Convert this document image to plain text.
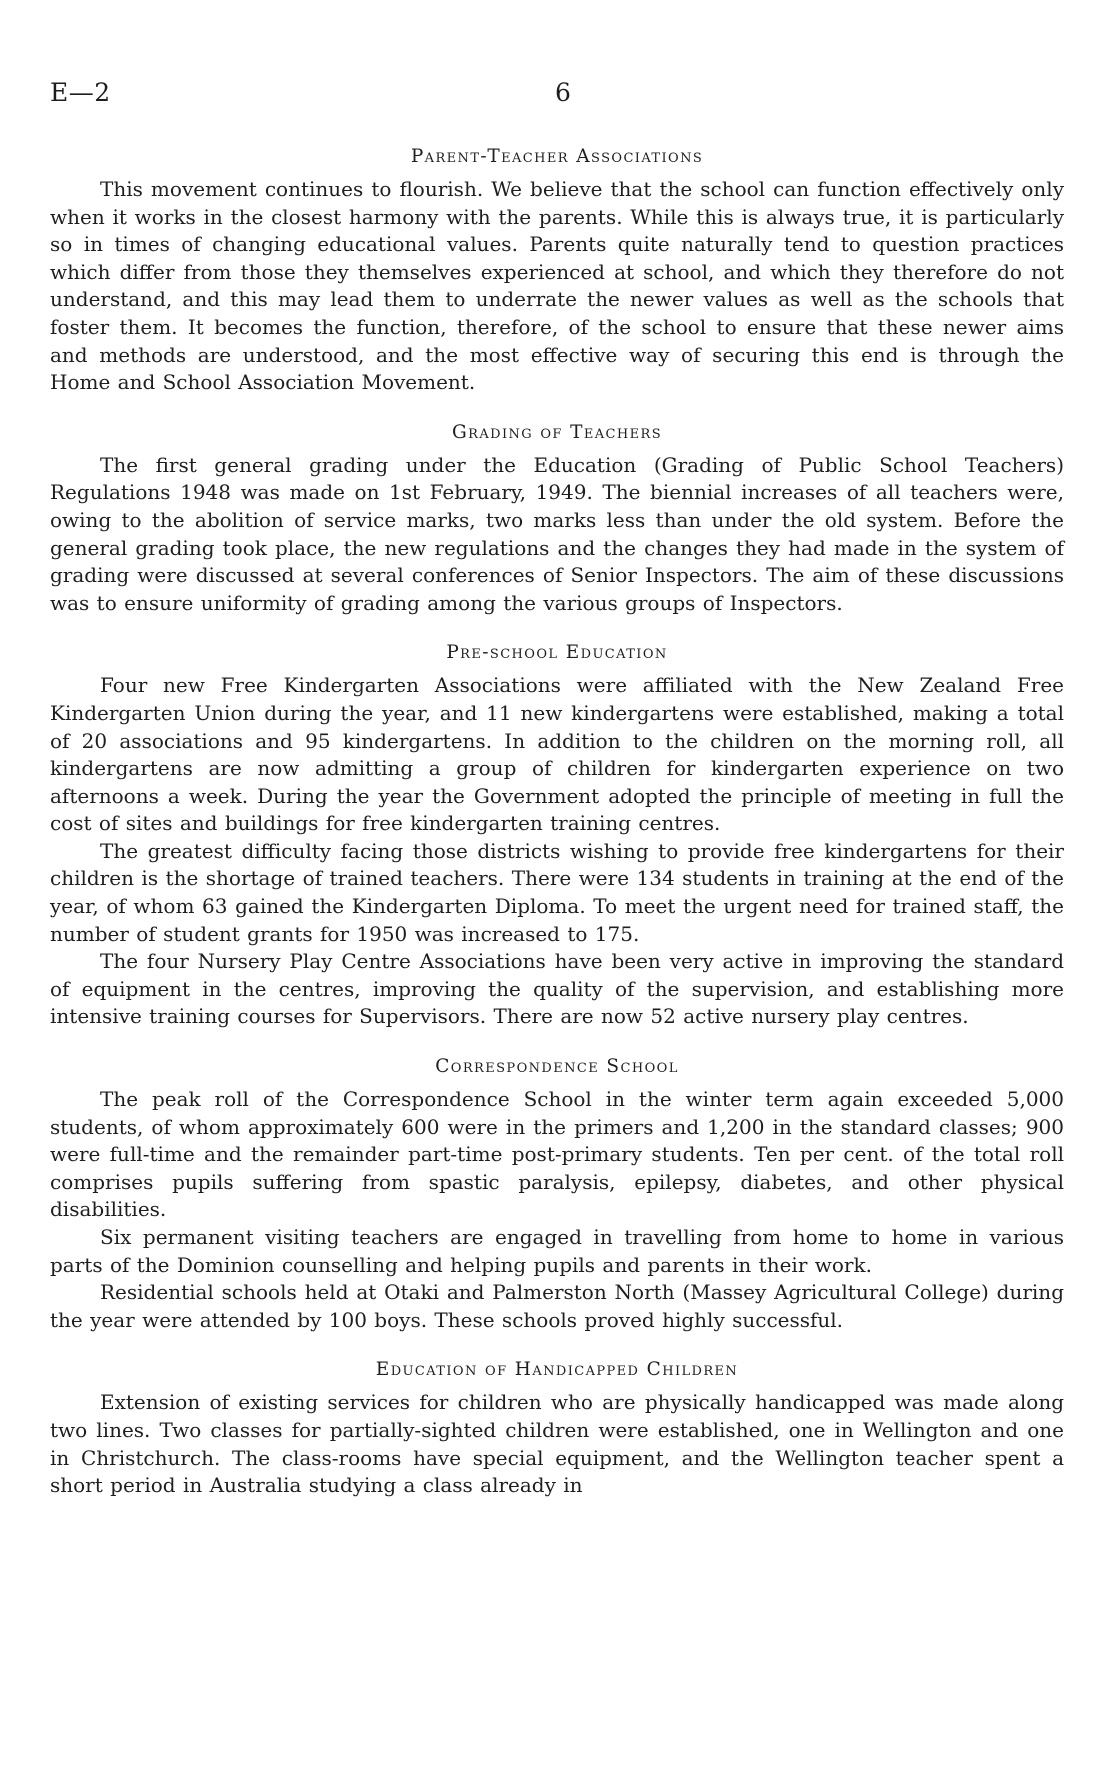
E—2	6
Parent-Teacher Associations

This movement continues to flourish. We believe that the school can function effectively only when it works in the closest harmony with the parents. While this is always true, it is particularly so in times of changing educational values. Parents quite naturally tend to question practices which differ from those they themselves experienced at school, and which they therefore do not understand, and this may lead them to underrate the newer values as well as the schools that foster them. It becomes the function, therefore, of the school to ensure that these newer aims and methods are understood, and the most effective way of securing this end is through the Home and School Association Movement.

Grading of Teachers

The first general grading under the Education (Grading of Public School Teachers) Regulations 1948 was made on 1st February, 1949. The biennial increases of all teachers were, owing to the abolition of service marks, two marks less than under the old system. Before the general grading took place, the new regulations and the changes they had made in the system of grading were discussed at several conferences of Senior Inspectors. The aim of these discussions was to ensure uniformity of grading among the various groups of Inspectors.

Pre-school Education

Four new Free Kindergarten Associations were affiliated with the New Zealand Free Kindergarten Union during the year, and 11 new kindergartens were established, making a total of 20 associations and 95 kindergartens. In addition to the children on the morning roll, all kindergartens are now admitting a group of children for kindergarten experience on two afternoons a week. During the year the Government adopted the principle of meeting in full the cost of sites and buildings for free kindergarten training centres.

The greatest difficulty facing those districts wishing to provide free kindergartens for their children is the shortage of trained teachers. There were 134 students in training at the end of the year, of whom 63 gained the Kindergarten Diploma. To meet the urgent need for trained staff, the number of student grants for 1950 was increased to 175.

The four Nursery Play Centre Associations have been very active in improving the standard of equipment in the centres, improving the quality of the supervision, and establishing more intensive training courses for Supervisors. There are now 52 active nursery play centres.

Correspondence School

The peak roll of the Correspondence School in the winter term again exceeded 5,000 students, of whom approximately 600 were in the primers and 1,200 in the standard classes; 900 were full-time and the remainder part-time post-primary students. Ten per cent. of the total roll comprises pupils suffering from spastic paralysis, epilepsy, diabetes, and other physical disabilities.

Six permanent visiting teachers are engaged in travelling from home to home in various parts of the Dominion counselling and helping pupils and parents in their work.

Residential schools held at Otaki and Palmerston North (Massey Agricultural College) during the year were attended by 100 boys. These schools proved highly successful.

Education of Handicapped Children

Extension of existing services for children who are physically handicapped was made along two lines. Two classes for partially-sighted children were established, one in Wellington and one in Christchurch. The class-rooms have special equipment, and the Wellington teacher spent a short period in Australia studying a class already in
